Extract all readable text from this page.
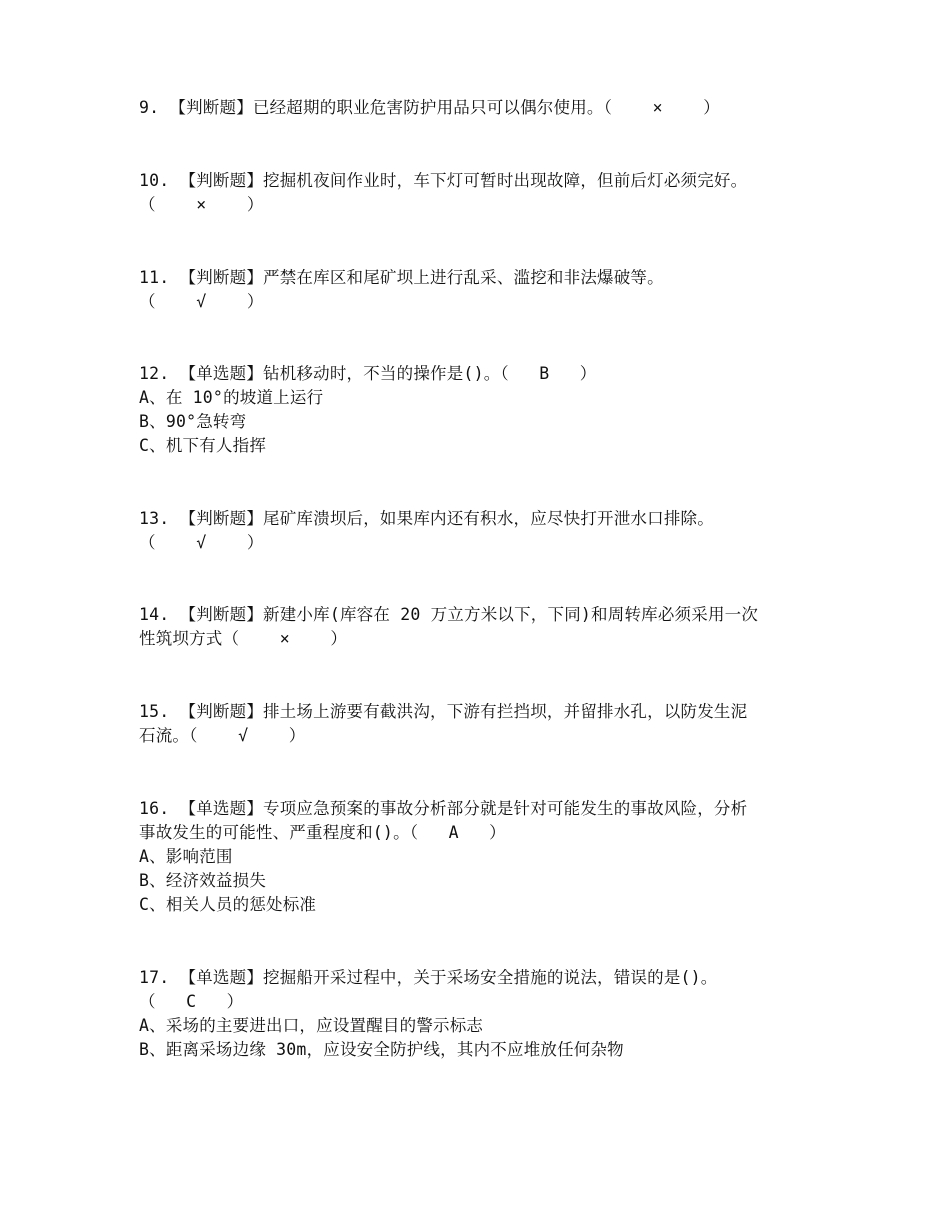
9. 【判断题】已经超期的职业危害防护用品只可以偶尔使用。（    ×    ）
10. 【判断题】挖掘机夜间作业时，车下灯可暂时出现故障，但前后灯必须完好。
（    ×    ）
11. 【判断题】严禁在库区和尾矿坝上进行乱采、滥挖和非法爆破等。
（    √    ）
12. 【单选题】钻机移动时，不当的操作是()。（   B   ）
A、在 10°的坡道上运行
B、90°急转弯
C、机下有人指挥
13. 【判断题】尾矿库溃坝后，如果库内还有积水，应尽快打开泄水口排除。
（    √    ）
14. 【判断题】新建小库(库容在 20 万立方米以下，下同)和周转库必须采用一次
性筑坝方式（    ×    ）
15. 【判断题】排土场上游要有截洪沟，下游有拦挡坝，并留排水孔，以防发生泥
石流。（    √    ）
16. 【单选题】专项应急预案的事故分析部分就是针对可能发生的事故风险，分析
事故发生的可能性、严重程度和()。（   A   ）
A、影响范围
B、经济效益损失
C、相关人员的惩处标准
17. 【单选题】挖掘船开采过程中，关于采场安全措施的说法，错误的是()。
（   C   ）
A、采场的主要进出口，应设置醒目的警示标志
B、距离采场边缘 30m，应设安全防护线，其内不应堆放任何杂物
